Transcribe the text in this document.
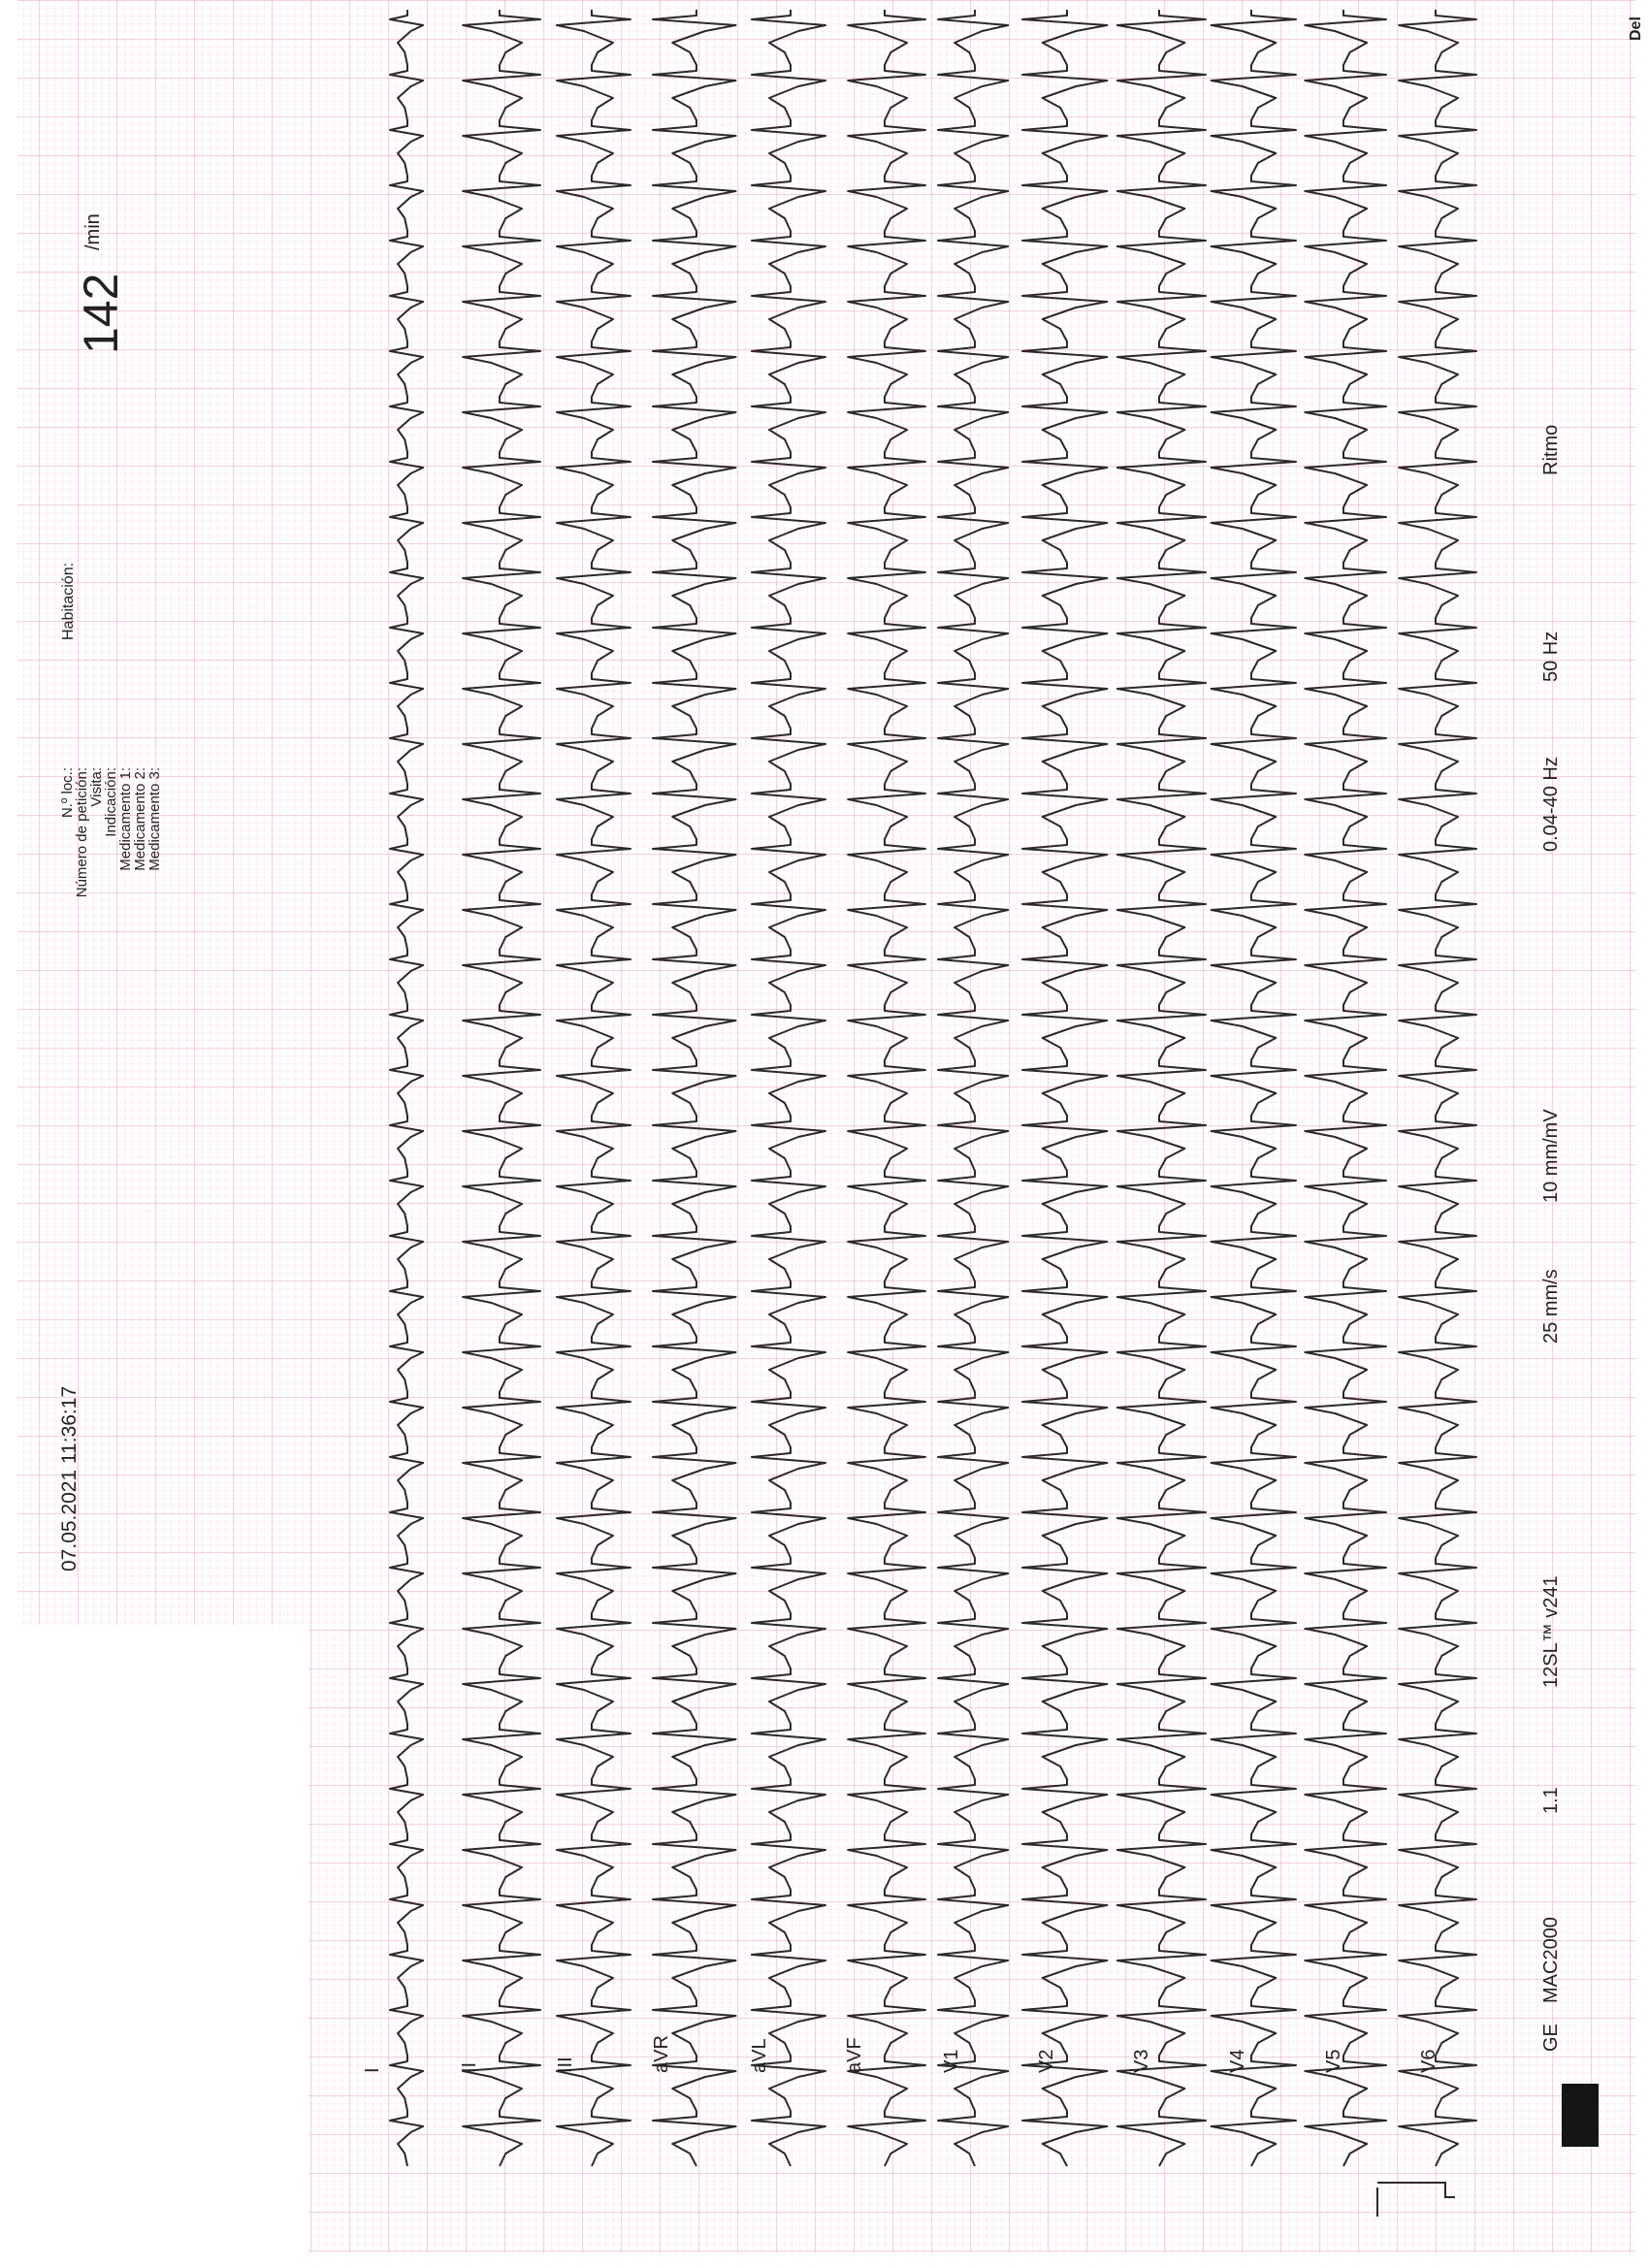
07.05.2021 11:36:17
142
/min
Habitación:
Del
N.º loc.:
Número de petición:
Visita:
Indicación:
Medicamento 1:
Medicamento 2:
Medicamento 3:
I	II	III	aVR	aVL	aVF	V1	V2	V3	V4	V5	V6
GE
MAC2000
1.1
12SL™ v241
25 mm/s
10 mm/mV
0.04-40 Hz
50 Hz
Ritmo
